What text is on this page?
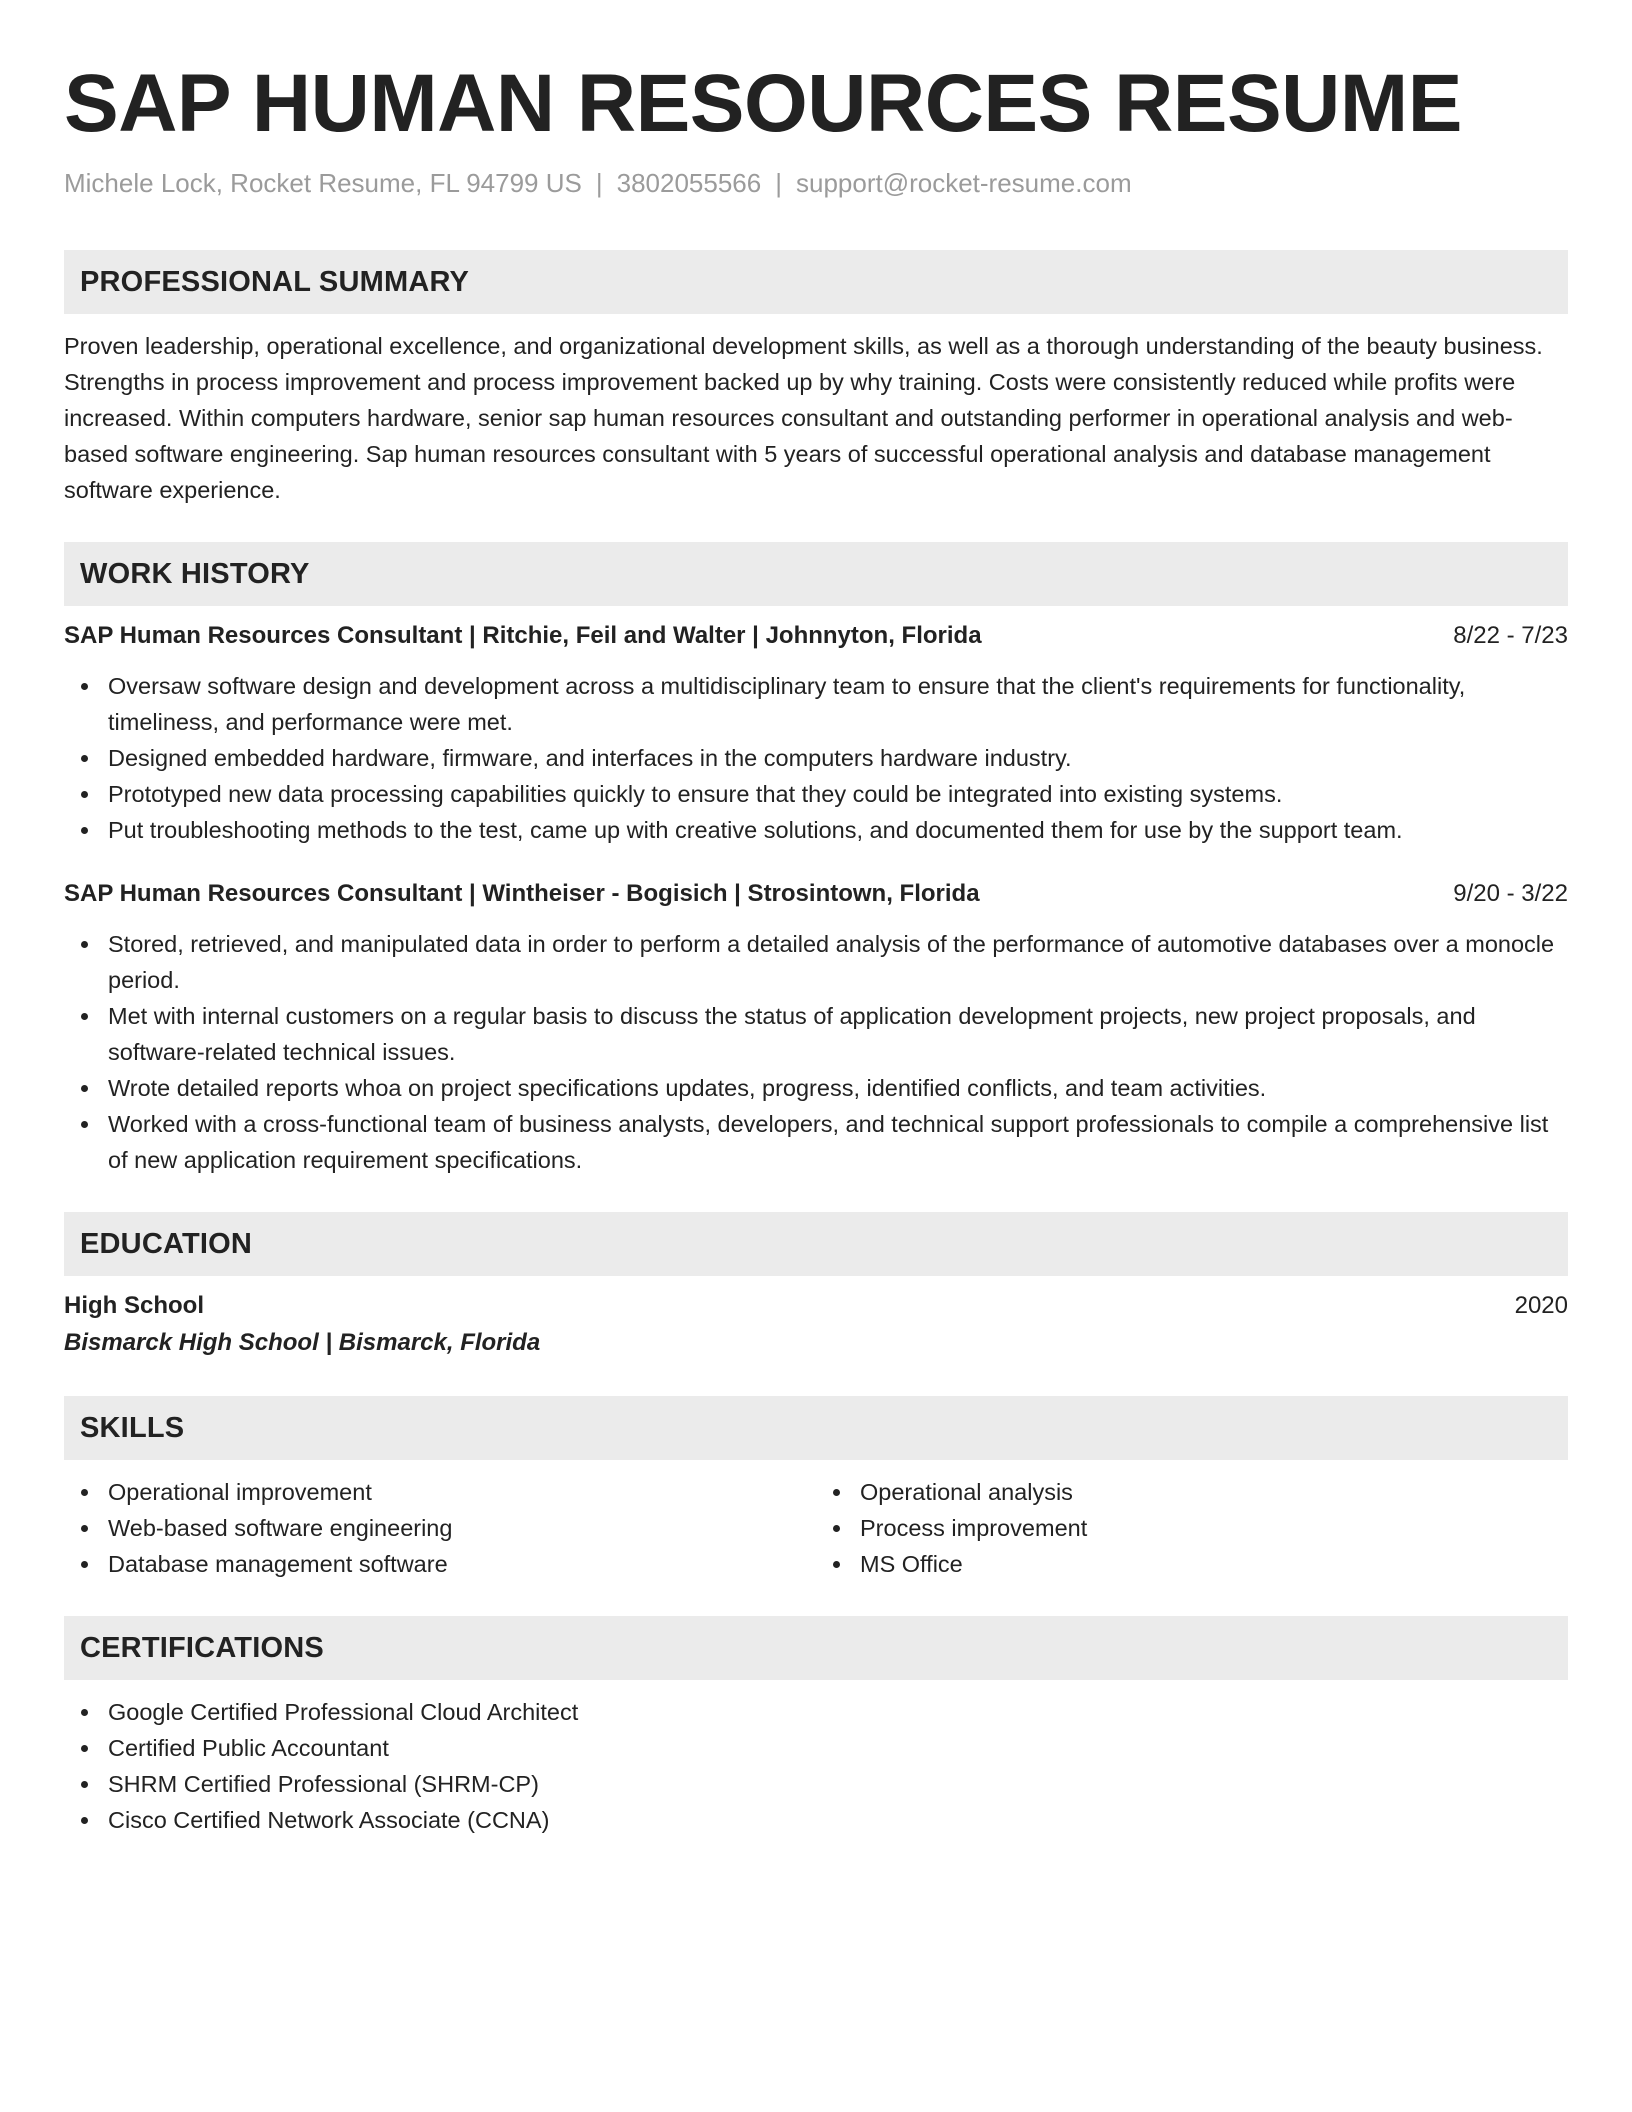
SAP HUMAN RESOURCES RESUME
Michele Lock, Rocket Resume, FL 94799 US | 3802055566 | support@rocket-resume.com
PROFESSIONAL SUMMARY
Proven leadership, operational excellence, and organizational development skills, as well as a thorough understanding of the beauty business. Strengths in process improvement and process improvement backed up by why training. Costs were consistently reduced while profits were increased. Within computers hardware, senior sap human resources consultant and outstanding performer in operational analysis and web-based software engineering. Sap human resources consultant with 5 years of successful operational analysis and database management software experience.
WORK HISTORY
SAP Human Resources Consultant | Ritchie, Feil and Walter | Johnnyton, Florida	8/22 - 7/23
Oversaw software design and development across a multidisciplinary team to ensure that the client's requirements for functionality, timeliness, and performance were met.
Designed embedded hardware, firmware, and interfaces in the computers hardware industry.
Prototyped new data processing capabilities quickly to ensure that they could be integrated into existing systems.
Put troubleshooting methods to the test, came up with creative solutions, and documented them for use by the support team.
SAP Human Resources Consultant | Wintheiser - Bogisich | Strosintown, Florida	9/20 - 3/22
Stored, retrieved, and manipulated data in order to perform a detailed analysis of the performance of automotive databases over a monocle period.
Met with internal customers on a regular basis to discuss the status of application development projects, new project proposals, and software-related technical issues.
Wrote detailed reports whoa on project specifications updates, progress, identified conflicts, and team activities.
Worked with a cross-functional team of business analysts, developers, and technical support professionals to compile a comprehensive list of new application requirement specifications.
EDUCATION
High School	2020
Bismarck High School | Bismarck, Florida
SKILLS
Operational improvement
Web-based software engineering
Database management software
Operational analysis
Process improvement
MS Office
CERTIFICATIONS
Google Certified Professional Cloud Architect
Certified Public Accountant
SHRM Certified Professional (SHRM-CP)
Cisco Certified Network Associate (CCNA)
